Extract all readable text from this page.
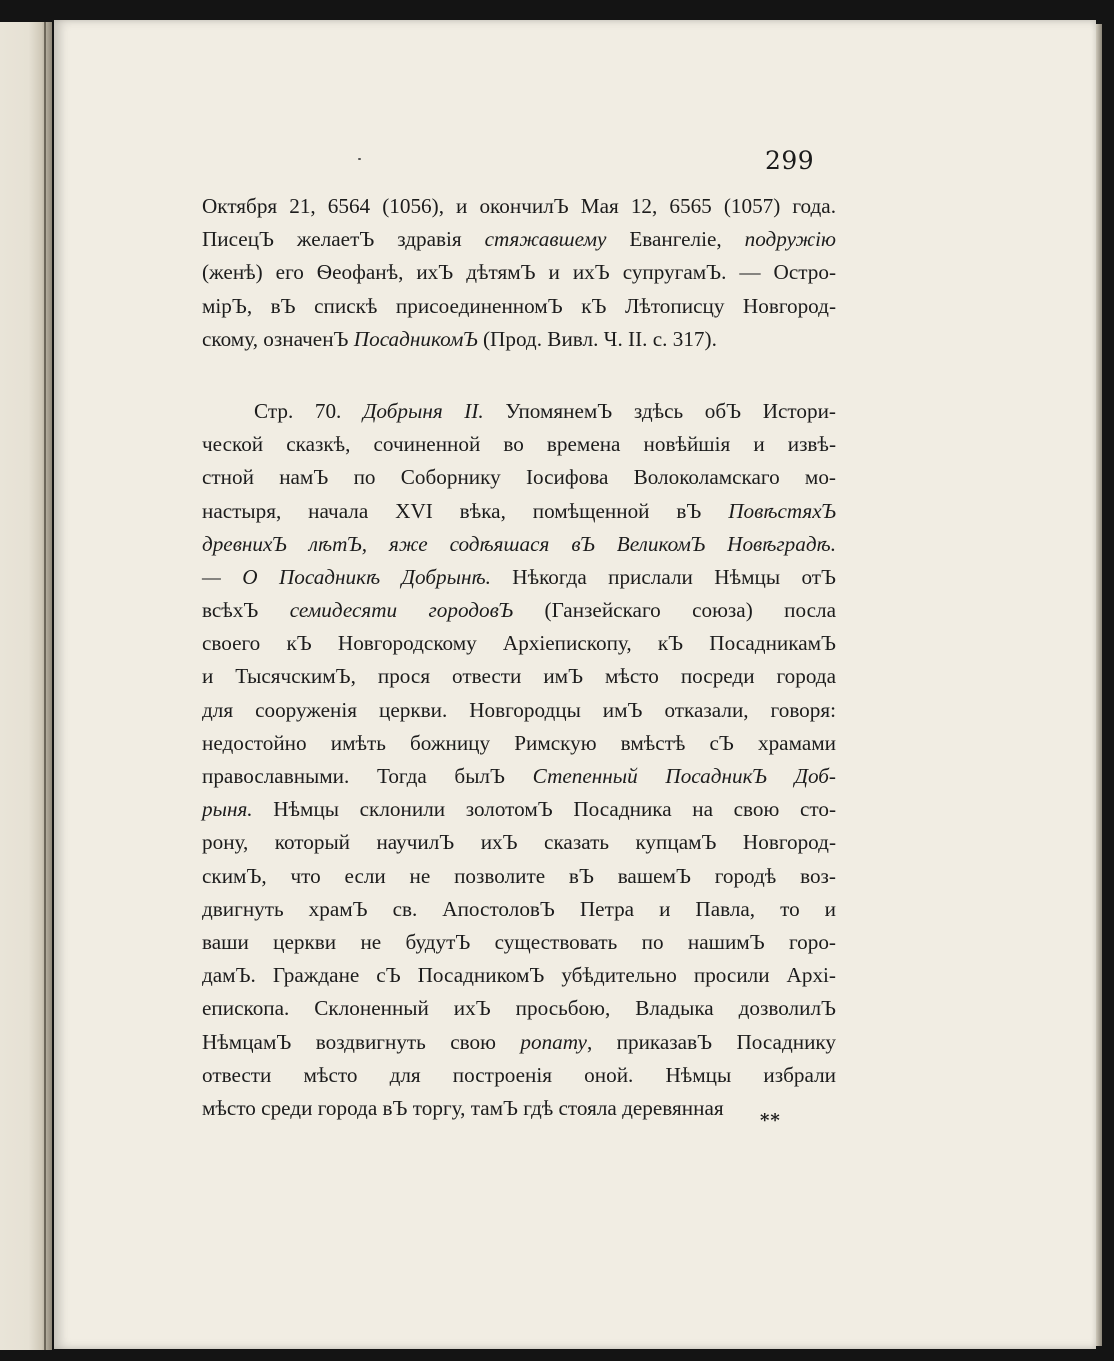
299
Октября 21, 6564 (1056), и окончилЪ Мая 12, 6565 (1057) года.
ПисецЪ желаетЪ здравія стяжавшему Евангеліе, подружію
(женѣ) его Ѳеофанѣ, ихЪ дѣтямЪ и ихЪ супругамЪ. — Остро-
мірЪ, вЪ спискѣ присоединенномЪ кЪ Лѣтописцу Новгород-
скому, означенЪ ПосадникомЪ (Прод. Вивл. Ч. II. с. 317).
Стр. 70. Добрыня II. УпомянемЪ здѣсь обЪ Истори-
ческой сказкѣ, сочиненной во времена новѣйшія и извѣ-
стной намЪ по Соборнику Іосифова Волоколамскаго мо-
настыря, начала XVI вѣка, помѣщенной вЪ ПовѣстяхЪ
древнихЪ лѣтЪ, яже содѣяшася вЪ ВеликомЪ Новѣградѣ.
— О Посадникѣ Добрынѣ. Нѣкогда прислали Нѣмцы отЪ
всѣхЪ семидесяти городовЪ (Ганзейскаго союза) посла
своего кЪ Новгородскому Архіепископу, кЪ ПосадникамЪ
и ТысячскимЪ, прося отвести имЪ мѣсто посреди города
для сооруженія церкви. Новгородцы имЪ отказали, говоря:
недостойно имѣть божницу Римскую вмѣстѣ сЪ храмами
православными. Тогда былЪ Степенный ПосадникЪ Доб-
рыня. Нѣмцы склонили золотомЪ Посадника на свою сто-
рону, который научилЪ ихЪ сказать купцамЪ Новгород-
скимЪ, что если не позволите вЪ вашемЪ городѣ воз-
двигнуть храмЪ св. АпостоловЪ Петра и Павла, то и
ваши церкви не будутЪ существовать по нашимЪ горо-
дамЪ. Граждане сЪ ПосадникомЪ убѣдительно просили Архі-
епископа. Склоненный ихЪ просьбою, Владыка дозволилЪ
НѣмцамЪ воздвигнуть свою ропату, приказавЪ Посаднику
отвести мѣсто для построенія оной. Нѣмцы избрали
мѣсто среди города вЪ торгу, тамЪ гдѣ стояла деревянная
**
